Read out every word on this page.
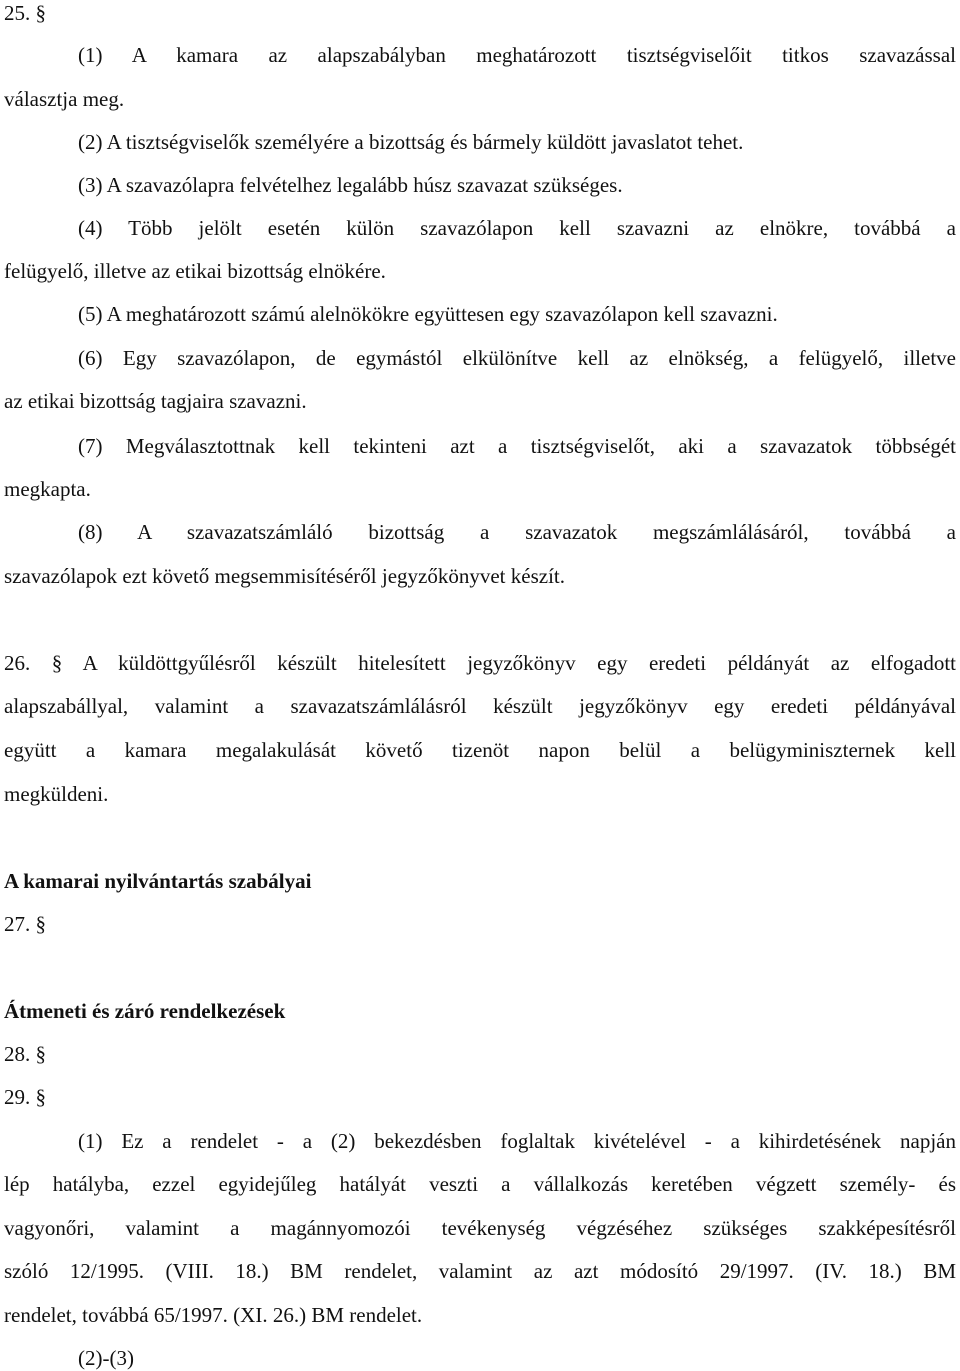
25. §
(1) A kamara az alapszabályban meghatározott tisztségviselőit titkos szavazással
választja meg.
(2) A tisztségviselők személyére a bizottság és bármely küldött javaslatot tehet.
(3) A szavazólapra felvételhez legalább húsz szavazat szükséges.
(4) Több jelölt esetén külön szavazólapon kell szavazni az elnökre, továbbá a
felügyelő, illetve az etikai bizottság elnökére.
(5) A meghatározott számú alelnökökre együttesen egy szavazólapon kell szavazni.
(6) Egy szavazólapon, de egymástól elkülönítve kell az elnökség, a felügyelő, illetve
az etikai bizottság tagjaira szavazni.
(7) Megválasztottnak kell tekinteni azt a tisztségviselőt, aki a szavazatok többségét
megkapta.
(8) A szavazatszámláló bizottság a szavazatok megszámlálásáról, továbbá a
szavazólapok ezt követő megsemmisítéséről jegyzőkönyvet készít.
26. § A küldöttgyűlésről készült hitelesített jegyzőkönyv egy eredeti példányát az elfogadott
alapszabállyal, valamint a szavazatszámlálásról készült jegyzőkönyv egy eredeti példányával
együtt a kamara megalakulását követő tizenöt napon belül a belügyminiszternek kell
megküldeni.
A kamarai nyilvántartás szabályai
27. §
Átmeneti és záró rendelkezések
28. §
29. §
(1) Ez a rendelet - a (2) bekezdésben foglaltak kivételével - a kihirdetésének napján
lép hatályba, ezzel egyidejűleg hatályát veszti a vállalkozás keretében végzett személy- és
vagyonőri, valamint a magánnyomozói tevékenység végzéséhez szükséges szakképesítésről
szóló 12/1995. (VIII. 18.) BM rendelet, valamint az azt módosító 29/1997. (IV. 18.) BM
rendelet, továbbá 65/1997. (XI. 26.) BM rendelet.
(2)-(3)
